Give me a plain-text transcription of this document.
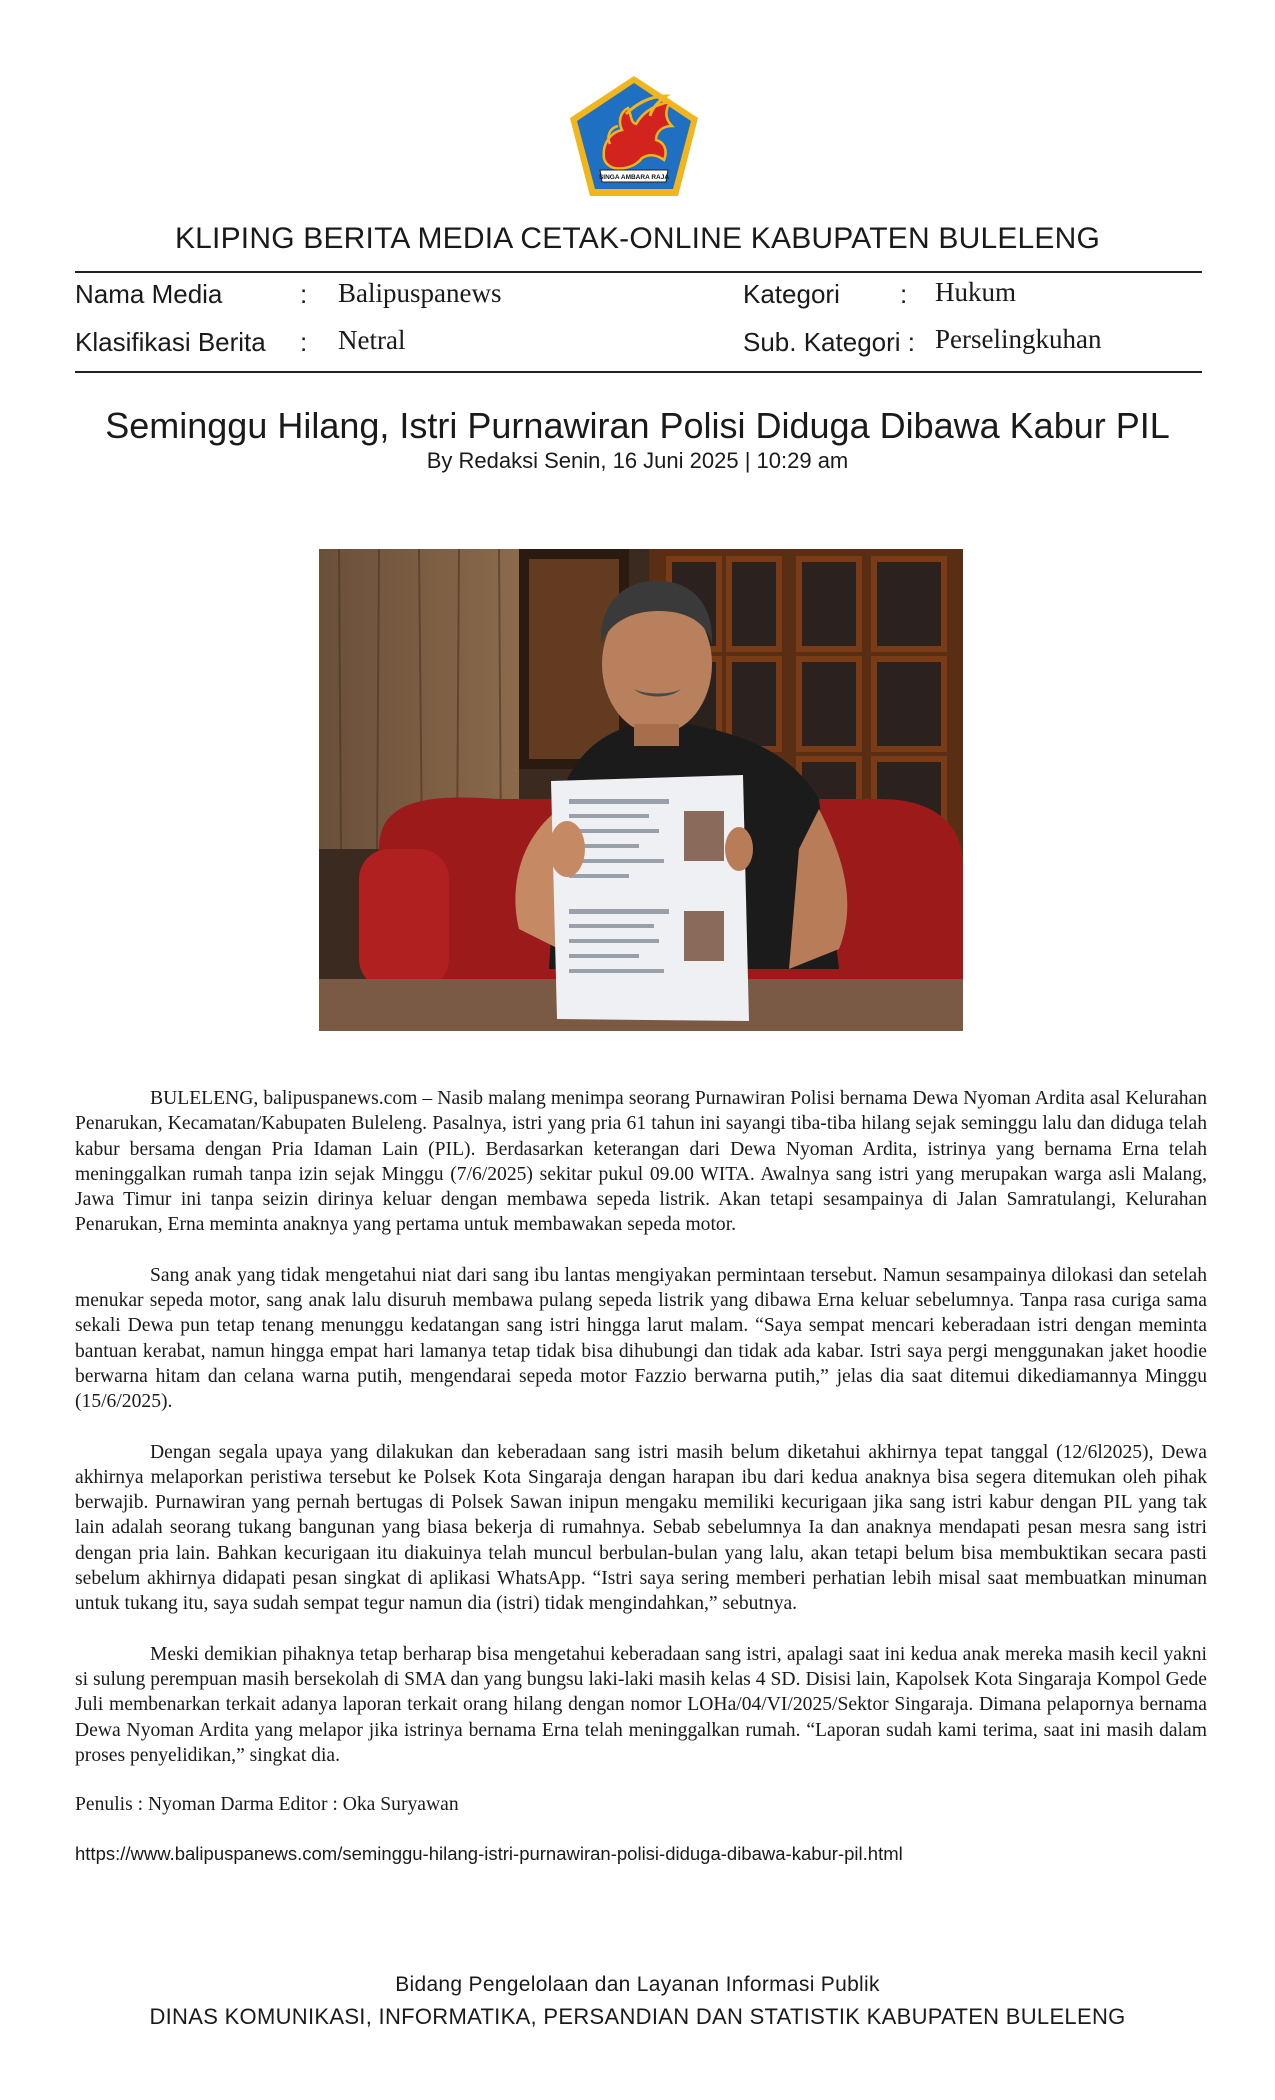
SINGA AMBARA RAJA
KLIPING BERITA MEDIA CETAK-ONLINE KABUPATEN BULELENG
Nama Media	: Balipuspanews	Kategori : Hukum
Klasifikasi Berita : Netral	Sub. Kategori : Perselingkuhan
Seminggu Hilang, Istri Purnawiran Polisi Diduga Dibawa Kabur PIL
By Redaksi Senin, 16 Juni 2025 | 10:29 am

BULELENG, balipuspanews.com – Nasib malang menimpa seorang Purnawiran Polisi bernama Dewa Nyoman Ardita asal Kelurahan Penarukan, Kecamatan/Kabupaten Buleleng. Pasalnya, istri yang pria 61 tahun ini sayangi tiba-tiba hilang sejak seminggu lalu dan diduga telah kabur bersama dengan Pria Idaman Lain (PIL). Berdasarkan keterangan dari Dewa Nyoman Ardita, istrinya yang bernama Erna telah meninggalkan rumah tanpa izin sejak Minggu (7/6/2025) sekitar pukul 09.00 WITA. Awalnya sang istri yang merupakan warga asli Malang, Jawa Timur ini tanpa seizin dirinya keluar dengan membawa sepeda listrik. Akan tetapi sesampainya di Jalan Samratulangi, Kelurahan Penarukan, Erna meminta anaknya yang pertama untuk membawakan sepeda motor.

Sang anak yang tidak mengetahui niat dari sang ibu lantas mengiyakan permintaan tersebut. Namun sesampainya dilokasi dan setelah menukar sepeda motor, sang anak lalu disuruh membawa pulang sepeda listrik yang dibawa Erna keluar sebelumnya. Tanpa rasa curiga sama sekali Dewa pun tetap tenang menunggu kedatangan sang istri hingga larut malam. “Saya sempat mencari keberadaan istri dengan meminta bantuan kerabat, namun hingga empat hari lamanya tetap tidak bisa dihubungi dan tidak ada kabar. Istri saya pergi menggunakan jaket hoodie berwarna hitam dan celana warna putih, mengendarai sepeda motor Fazzio berwarna putih,” jelas dia saat ditemui dikediamannya Minggu (15/6/2025).

Dengan segala upaya yang dilakukan dan keberadaan sang istri masih belum diketahui akhirnya tepat tanggal (12/6l2025), Dewa akhirnya melaporkan peristiwa tersebut ke Polsek Kota Singaraja dengan harapan ibu dari kedua anaknya bisa segera ditemukan oleh pihak berwajib. Purnawiran yang pernah bertugas di Polsek Sawan inipun mengaku memiliki kecurigaan jika sang istri kabur dengan PIL yang tak lain adalah seorang tukang bangunan yang biasa bekerja di rumahnya. Sebab sebelumnya Ia dan anaknya mendapati pesan mesra sang istri dengan pria lain. Bahkan kecurigaan itu diakuinya telah muncul berbulan-bulan yang lalu, akan tetapi belum bisa membuktikan secara pasti sebelum akhirnya didapati pesan singkat di aplikasi WhatsApp. “Istri saya sering memberi perhatian lebih misal saat membuatkan minuman untuk tukang itu, saya sudah sempat tegur namun dia (istri) tidak mengindahkan,” sebutnya.

Meski demikian pihaknya tetap berharap bisa mengetahui keberadaan sang istri, apalagi saat ini kedua anak mereka masih kecil yakni si sulung perempuan masih bersekolah di SMA dan yang bungsu laki-laki masih kelas 4 SD. Disisi lain, Kapolsek Kota Singaraja Kompol Gede Juli membenarkan terkait adanya laporan terkait orang hilang dengan nomor LOHa/04/VI/2025/Sektor Singaraja. Dimana pelapornya bernama Dewa Nyoman Ardita yang melapor jika istrinya bernama Erna telah meninggalkan rumah. “Laporan sudah kami terima, saat ini masih dalam proses penyelidikan,” singkat dia.

Penulis : Nyoman Darma Editor : Oka Suryawan
https://www.balipuspanews.com/seminggu-hilang-istri-purnawiran-polisi-diduga-dibawa-kabur-pil.html
Bidang Pengelolaan dan Layanan Informasi Publik
DINAS KOMUNIKASI, INFORMATIKA, PERSANDIAN DAN STATISTIK KABUPATEN BULELENG
